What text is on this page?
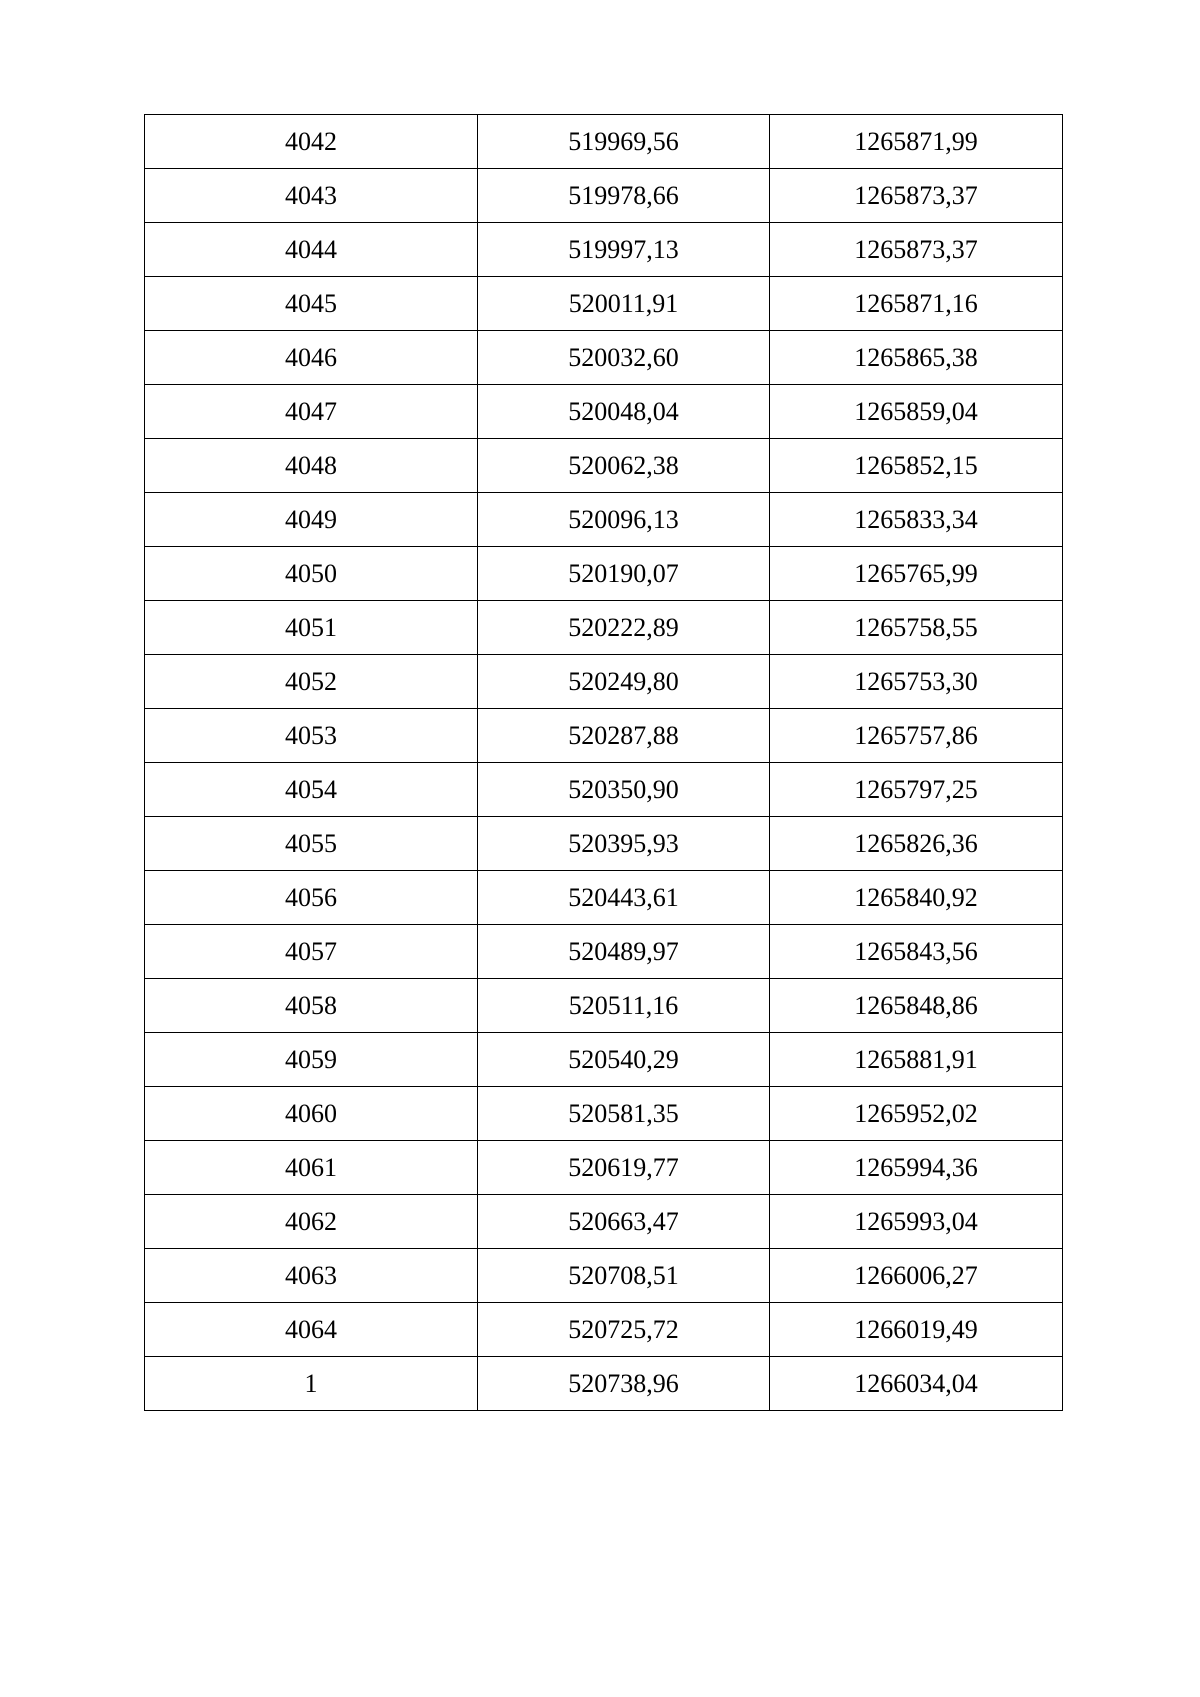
4042	519969,56	1265871,99
4043	519978,66	1265873,37
4044	519997,13	1265873,37
4045	520011,91	1265871,16
4046	520032,60	1265865,38
4047	520048,04	1265859,04
4048	520062,38	1265852,15
4049	520096,13	1265833,34
4050	520190,07	1265765,99
4051	520222,89	1265758,55
4052	520249,80	1265753,30
4053	520287,88	1265757,86
4054	520350,90	1265797,25
4055	520395,93	1265826,36
4056	520443,61	1265840,92
4057	520489,97	1265843,56
4058	520511,16	1265848,86
4059	520540,29	1265881,91
4060	520581,35	1265952,02
4061	520619,77	1265994,36
4062	520663,47	1265993,04
4063	520708,51	1266006,27
4064	520725,72	1266019,49
1	520738,96	1266034,04
